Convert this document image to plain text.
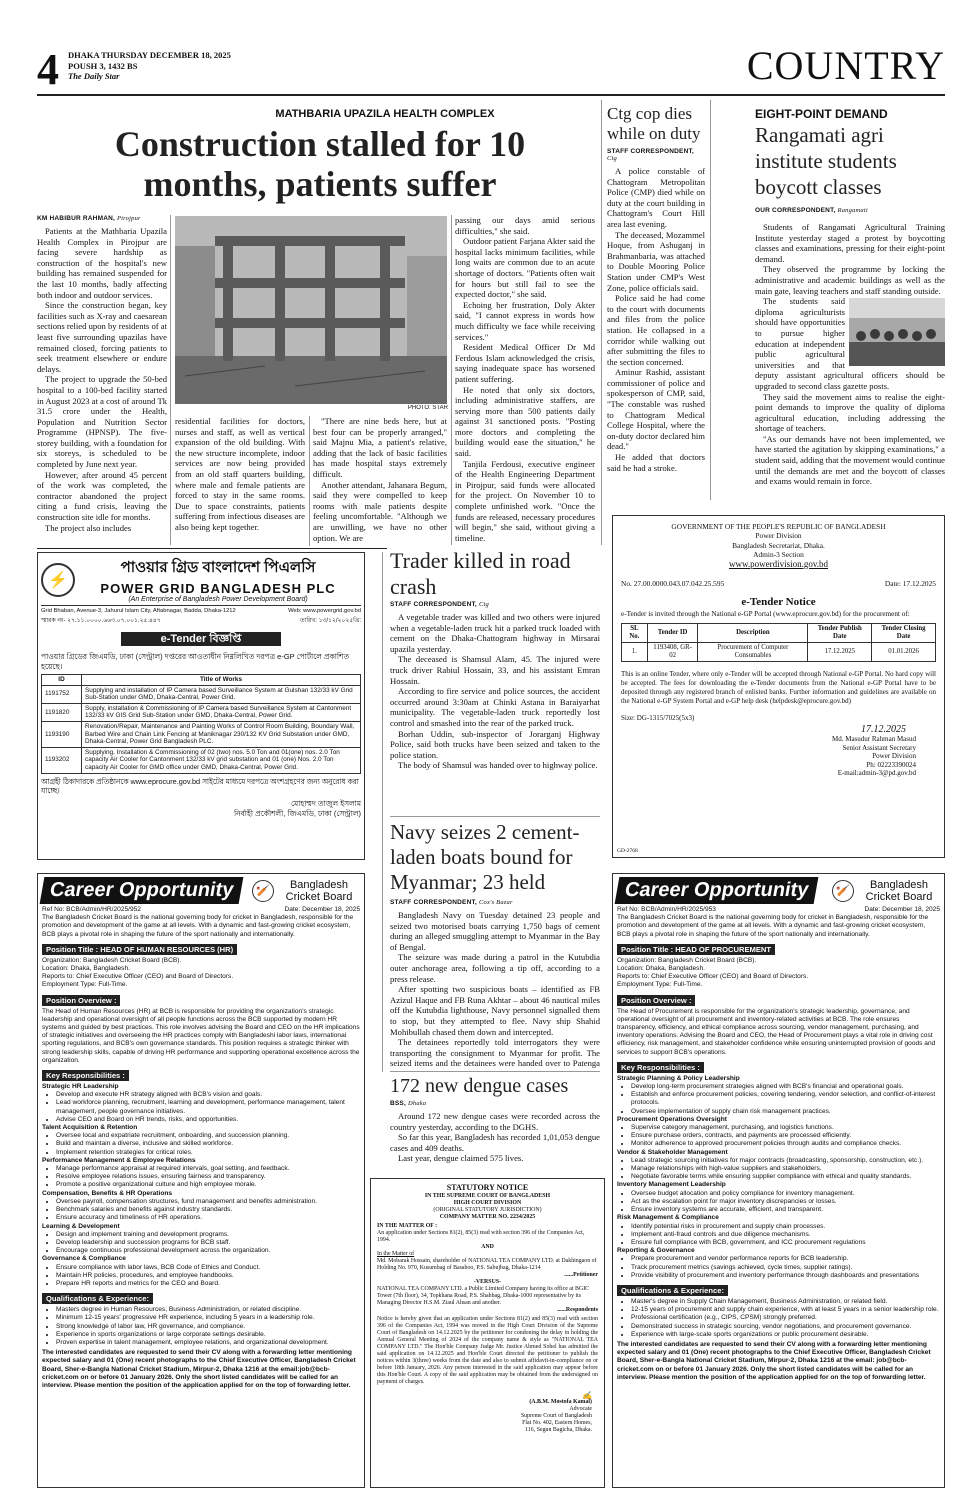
4	DHAKA THURSDAY DECEMBER 18, 2025
POUSH 3, 1432 BS
The Daily Star	COUNTRY
MATHBARIA UPAZILA HEALTH COMPLEX
Construction stalled for 10 months, patients suffer
KM HABIBUR RAHMAN, Pirojpur

Patients at the Mathbaria Upazila Health Complex in Pirojpur are facing severe hardship as construction of the hospital's new building has remained suspended for the last 10 months, badly affecting both indoor and outdoor services.

Since the construction began, key facilities such as X-ray and caesarean sections relied upon by residents of at least five surrounding upazilas have remained closed, forcing patients to seek treatment elsewhere or endure delays.

The project to upgrade the 50-bed hospital to a 100-bed facility started in August 2023 at a cost of around Tk 31.5 crore under the Health, Population and Nutrition Sector Programme (HPNSP). The five-storey building, with a foundation for six storeys, is scheduled to be completed by June next year.

However, after around 45 percent of the work was completed, the contractor abandoned the project citing a fund crisis, leaving the construction site idle for months.

The project also includes

PHOTO: STAR

residential facilities for doctors, nurses and staff, as well as vertical expansion of the old building. With the new structure incomplete, indoor services are now being provided from an old staff quarters building, where male and female patients are forced to stay in the same rooms. Due to space constraints, patients suffering from infectious diseases are also being kept together.

"There are nine beds here, but at best four can be properly arranged," said Majnu Mia, a patient's relative, adding that the lack of basic facilities has made hospital stays extremely difficult.

Another attendant, Jahanara Begum, said they were compelled to keep rooms with male patients despite feeling uncomfortable. "Although we are unwilling, we have no other option. We are

passing our days amid serious difficulties," she said.

Outdoor patient Farjana Akter said the hospital lacks minimum facilities, while long waits are common due to an acute shortage of doctors. "Patients often wait for hours but still fail to see the expected doctor," she said.

Echoing her frustration, Doly Akter said, "I cannot express in words how much difficulty we face while receiving services."

Resident Medical Officer Dr Md Ferdous Islam acknowledged the crisis, saying inadequate space has worsened patient suffering.

He noted that only six doctors, including administrative staffers, are serving more than 500 patients daily against 31 sanctioned posts. "Posting more doctors and completing the building would ease the situation," he said.

Tanjila Ferdousi, executive engineer of the Health Engineering Department in Pirojpur, said funds were allocated for the project. On November 10 to complete unfinished work. "Once the funds are released, necessary procedures will begin," she said, without giving a timeline.

Ctg cop dies while on duty
STAFF CORRESPONDENT, Ctg

A police constable of Chattogram Metropolitan Police (CMP) died while on duty at the court building in Chattogram's Court Hill area last evening.

The deceased, Mozammel Hoque, from Ashuganj in Brahmanbaria, was attached to Double Mooring Police Station under CMP's West Zone, police officials said.

Police said he had come to the court with documents and files from the police station. He collapsed in a corridor while walking out after submitting the files to the section concerned.

Aminur Rashid, assistant commissioner of police and spokesperson of CMP, said, "The constable was rushed to Chattogram Medical College Hospital, where the on-duty doctor declared him dead."

He added that doctors said he had a stroke.

EIGHT-POINT DEMAND
Rangamati agri institute students boycott classes
OUR CORRESPONDENT, Rangamati

Students of Rangamati Agricultural Training Institute yesterday staged a protest by boycotting classes and examinations, pressing for their eight-point demand.

They observed the programme by locking the administrative and academic buildings as well as the main gate, leaving teachers and staff standing outside.

The students said diploma agriculturists should have opportunities to pursue higher education at independent public agricultural universities and that deputy assistant agricultural officers should be upgraded to second class gazette posts.

They said the movement aims to realise the eight-point demands to improve the quality of diploma agricultural education, including addressing the shortage of teachers.

"As our demands have not been implemented, we have started the agitation by skipping examinations," a student said, adding that the movement would continue until the demands are met and the boycott of classes and exams would remain in force.

⚡
পাওয়ার গ্রিড বাংলাদেশ পিএলসি
POWER GRID BANGLADESH PLC
(An Enterprise of Bangladesh Power Development Board)
Grid Bhaban, Avenue-3, Jahurul Islam City, Aftabnagar, Badda, Dhaka-1212	Web: www.powergrid.gov.bd
স্মারক নং- ২৭.১১.০০০০.৬৬৩.০৭.০০১.২৫.৪৪৭	তারিখ: ১৩/১২/২০২৫খ্রি:
e-Tender বিজ্ঞপ্তি
পাওয়ার গ্রিডের জিএমডি, ঢাকা (সেন্ট্রাল) দপ্তরের আওতাধীন নিম্নলিখিত দরপত্র e-GP পোর্টালে প্রকাশিত হয়েছে।
ID	Title of Works
1191752	Supplying and installation of IP Camera based Surveillance System at Gulshan 132/33 kV Grid Sub-Station under GMD, Dhaka-Central, Power Grid.
1191820	Supply, installation & Commissioning of IP Camera based Surveillance System at Cantonment 132/33 kV GIS Grid Sub-Station under GMD, Dhaka-Central, Power Grid.
1193190	Renovation/Repair, Maintenance and Painting Works of Control Room Building, Boundary Wall, Barbed Wire and Chain Link Fencing at Maniknagar 230/132 KV Grid Substation under GMD, Dhaka-Central, Power Grid Bangladesh PLC.
1193202	Supplying, Installation & Commissioning of 02 (two) nos. 5.0 Ton and 01(one) nos. 2.0 Ton capacity Air Cooler for Cantonment 132/33 kV grid substation and 01 (one) Nos. 2.0 Ton capacity Air Cooler for GMD office under GMD, Dhaka-Central, Power Grid.
আগ্রহী ঠিকাদারকে প্রতিষ্ঠানকে www.eprocure.gov.bd সাইটের মাধ্যমে দরপত্রে অংশগ্রহণের জন্য অনুরোধ করা যাচ্ছে।
মোহাম্মদ তাজুল ইসলাম
নির্বাহী প্রকৌশলী, জিএমডি, ঢাকা (সেন্ট্রাল)
Trader killed in road crash
STAFF CORRESPONDENT, Ctg

A vegetable trader was killed and two others were injured when a vegetable-laden truck hit a parked truck loaded with cement on the Dhaka-Chattogram highway in Mirsarai upazila yesterday.

The deceased is Shamsul Alam, 45. The injured were truck driver Rabiul Hossain, 33, and his assistant Emran Hossain.

According to fire service and police sources, the accident occurred around 3:30am at Chinki Astana in Baraiyarhat municipality. The vegetable-laden truck reportedly lost control and smashed into the rear of the parked truck.

Borhan Uddin, sub-inspector of Jorarganj Highway Police, said both trucks have been seized and taken to the police station.

The body of Shamsul was handed over to highway police.

Navy seizes 2 cement-laden boats bound for Myanmar; 23 held
STAFF CORRESPONDENT, Cox's Bazar

Bangladesh Navy on Tuesday detained 23 people and seized two motorised boats carrying 1,750 bags of cement during an alleged smuggling attempt to Myanmar in the Bay of Bengal.

The seizure was made during a patrol in the Kutubdia outer anchorage area, following a tip off, according to a press release.

After spotting two suspicious boats – identified as FB Azizul Haque and FB Runa Akhtar – about 46 nautical miles off the Kutubdia lighthouse, Navy personnel signalled them to stop, but they attempted to flee. Navy ship Shahid Mohibullah chased them down and intercepted.

The detainees reportedly told interrogators they were transporting the consignment to Myanmar for profit. The seized items and the detainees were handed over to Patenga

172 new dengue cases
BSS, Dhaka

Around 172 new dengue cases were recorded across the country yesterday, according to the DGHS.

So far this year, Bangladesh has recorded 1,01,053 dengue cases and 409 deaths.

Last year, dengue claimed 575 lives.

GOVERNMENT OF THE PEOPLE'S REPUBLIC OF BANGLADESH
Power Division
Bangladesh Secretariat, Dhaka.
Admin-3 Section
www.powerdivision.gov.bd
No. 27.00.0000.043.07.042.25.595	Date: 17.12.2025
e-Tender Notice
e-Tender is invited through the National e-GP Portal (www.eprocure.gov.bd) for the procurement of:
SL No.	Tender ID	Description	Tender Publish Date	Tender Closing Date
1.	1193408, GR-02	Procurement of Computer Consumables	17.12.2025	01.01.2026
This is an online Tender, where only e-Tender will be accepted through National e-GP Portal. No hard copy will be accepted. The fees for downloading the e-Tender documents from the National e-GP Portal have to be deposited through any registered branch of enlisted banks. Further information and guidelines are available on the National e-GP System Portal and e-GP help desk (helpdesk@eprocure.gov.bd)
Size: DG-1315/7025(5x3)
17.12.2025
Md. Masudur Rahman Masud
Senior Assistant Secretary
Power Division
Ph: 02223390024
E-mail:admin-3@pd.gov.bd
GD-2768
Career Opportunity	🏏
Bangladesh Cricket Board
Ref No: BCB/Admin/HR/2025/952	Date: December 18, 2025
The Bangladesh Cricket Board is the national governing body for cricket in Bangladesh, responsible for the promotion and development of the game at all levels. With a dynamic and fast-growing cricket ecosystem, BCB plays a pivotal role in shaping the future of the sport nationally and internationally.
Position Title : HEAD OF HUMAN RESOURCES (HR)
Organization: Bangladesh Cricket Board (BCB).
Location: Dhaka, Bangladesh.
Reports to: Chief Executive Officer (CEO) and Board of Directors.
Employment Type: Full-Time.
Position Overview :
The Head of Human Resources (HR) at BCB is responsible for providing the organization's strategic leadership and operational oversight of all people functions across the BCB supported by modern HR systems and guided by best practices. This role involves advising the Board and CEO on the HR implications of strategic initiatives and overseeing the HR practices comply with Bangladeshi labor laws, international sporting regulations, and BCB's own governance standards. This position requires a strategic thinker with strong leadership skills, capable of driving HR performance and supporting operational excellence across the organization.
Key Responsibilities :
Strategic HR Leadership
• Develop and execute HR strategy aligned with BCB's vision and goals.
• Lead workforce planning, recruitment, learning and development, performance management, talent management, people governance initiatives.
• Advise CEO and Board on HR trends, risks, and opportunities.
Talent Acquisition & Retention
• Oversee local and expatriate recruitment, onboarding, and succession planning.
• Build and maintain a diverse, inclusive and skilled workforce.
• Implement retention strategies for critical roles.
Performance Management & Employee Relations
• Manage performance appraisal at required intervals, goal setting, and feedback.
• Resolve employee relations issues, ensuring fairness and transparency.
• Promote a positive organizational culture and high employee morale.
Compensation, Benefits & HR Operations
• Oversee payroll, compensation structures, fund management and benefits administration.
• Benchmark salaries and benefits against industry standards.
• Ensure accuracy and timeliness of HR operations.
Learning & Development
• Design and implement training and development programs.
• Develop leadership and succession programs for BCB staff.
• Encourage continuous professional development across the organization.
Governance & Compliance
• Ensure compliance with labor laws, BCB Code of Ethics and Conduct.
• Maintain HR policies, procedures, and employee handbooks.
• Prepare HR reports and metrics for the CEO and Board.
Qualifications & Experience:
• Masters degree in Human Resources, Business Administration, or related discipline.
• Minimum 12-15 years' progressive HR experience, including 5 years in a leadership role.
• Strong knowledge of labor law, HR governance, and compliance.
• Experience in sports organizations or large corporate settings desirable.
• Proven expertise in talent management, employee relations, and organizational development.
The interested candidates are requested to send their CV along with a forwarding letter mentioning expected salary and 01 (One) recent photographs to the Chief Executive Officer, Bangladesh Cricket Board, Sher-e-Bangla National Cricket Stadium, Mirpur-2, Dhaka 1216 at the email:job@bcb-cricket.com on or before 01 January 2026. Only the short listed candidates will be called for an interview. Please mention the position of the application applied for on the top of forwarding letter.
STATUTORY NOTICE
IN THE SUPREME COURT OF BANGLADESH
HIGH COURT DIVISION
(ORIGINAL STATUTORY JURISDICTION)
COMPANY MATTER NO. 2234/2025
IN THE MATTER OF :
An application under Sections 81(2), 85(3) read with section 396 of the Companies Act, 1994.
AND
In the Matter of
Md. Mobarak Hossain, shareholder of NATIONAL TEA COMPANY LTD. at Dakhingaon of Holding No. 970, Kusumbag of Basaboo, P.S. Sabujbag, Dhaka-1214
......Petitioner
-VERSUS-
NATIONAL TEA COMPANY LTD. a Public Limited Company having its office at BGIC Tower (7th floor), 34, Topkhana Road, P.S. Shahbag, Dhaka-1000 representative by its Managing Director H.S.M. Ziaul Ahsan and another.
......Respondents
Notice is hereby given that an application under Sections 81(2) and 85(3) read with section 396 of the Companies Act, 1994 was moved in the High Court Division of the Supreme Court of Bangladesh on 14.12.2025 by the petitioner for condoning the delay in holding the Annual General Meeting of 2024 of the company name & style as "NATIONAL TEA COMPANY LTD." The Hon'ble Company Judge Mr. Justice Ahmed Sohel has admitted the said application on 14.12.2025 and Hon'ble Court directed the petitioner to publish the notices within 3(three) weeks from the date and also to submit affidavit-in-compliance on or before 18th January, 2026. Any person interested in the said application may appear before this Hon'ble Court. A copy of the said application may be obtained from the undersigned on payment of charges.
✍
(A.B.M. Mostofa Kamal)
Advocate
Supreme Court of Bangladesh
Flat No. 402, Eastern Homes,
116, Segun Bagicha, Dhaka.
Career Opportunity	🏏
Bangladesh Cricket Board
Ref No: BCB/Admin/HR/2025/953	Date: December 18, 2025
The Bangladesh Cricket Board is the national governing body for cricket in Bangladesh, responsible for the promotion and development of the game at all levels. With a dynamic and fast-growing cricket ecosystem, BCB plays a pivotal role in shaping the future of the sport nationally and internationally.
Position Title : HEAD OF PROCUREMENT
Organization: Bangladesh Cricket Board (BCB).
Location: Dhaka, Bangladesh.
Reports to: Chief Executive Officer (CEO) and Board of Directors.
Employment Type: Full-Time.
Position Overview :
The Head of Procurement is responsible for the organization's strategic leadership, governance, and operational oversight of all procurement and inventory-related activities at BCB. The role ensures transparency, efficiency, and ethical compliance across sourcing, vendor management, purchasing, and inventory operations. Advising the Board and CEO, the Head of Procurement plays a vital role in driving cost efficiency, risk management, and stakeholder confidence while ensuring uninterrupted provision of goods and services to support BCB's operations.
Key Responsibilities :
Strategic Planning & Policy Leadership
• Develop long-term procurement strategies aligned with BCB's financial and operational goals.
• Establish and enforce procurement policies, covering tendering, vendor selection, and conflict-of-interest protocols.
• Oversee implementation of supply chain risk management practices.
Procurement Operations Oversight
• Supervise category management, purchasing, and logistics functions.
• Ensure purchase orders, contracts, and payments are processed efficiently.
• Monitor adherence to approved procurement policies through audits and compliance checks.
Vendor & Stakeholder Management
• Lead strategic sourcing initiatives for major contracts (broadcasting, sponsorship, construction, etc.).
• Manage relationships with high-value suppliers and stakeholders.
• Negotiate favorable terms while ensuring supplier compliance with ethical and quality standards.
Inventory Management Leadership
• Oversee budget allocation and policy compliance for inventory management.
• Act as the escalation point for major inventory discrepancies or losses.
• Ensure inventory systems are accurate, efficient, and transparent.
Risk Management & Compliance
• Identify potential risks in procurement and supply chain processes.
• Implement anti-fraud controls and due diligence mechanisms.
• Ensure full compliance with BCB, government, and ICC procurement regulations
Reporting & Governance
• Prepare procurement and vendor performance reports for BCB leadership.
• Track procurement metrics (savings achieved, cycle times, supplier ratings).
• Provide visibility of procurement and inventory performance through dashboards and presentations
Qualifications & Experience:
• Master's degree in Supply Chain Management, Business Administration, or related field.
• 12-15 years of procurement and supply chain experience, with at least 5 years in a senior leadership role.
• Professional certification (e.g., CIPS, CPSM) strongly preferred.
• Demonstrated success in strategic sourcing, vendor negotiations, and procurement governance.
• Experience with large-scale sports organizations or public procurement desirable.
The interested candidates are requested to send their CV along with a forwarding letter mentioning expected salary and 01 (One) recent photographs to the Chief Executive Officer, Bangladesh Cricket Board, Sher-e-Bangla National Cricket Stadium, Mirpur-2, Dhaka 1216 at the email: job@bcb-cricket.com on or before 01 January 2026. Only the short listed candidates will be called for an interview. Please mention the position of the application applied for on the top of forwarding letter.
